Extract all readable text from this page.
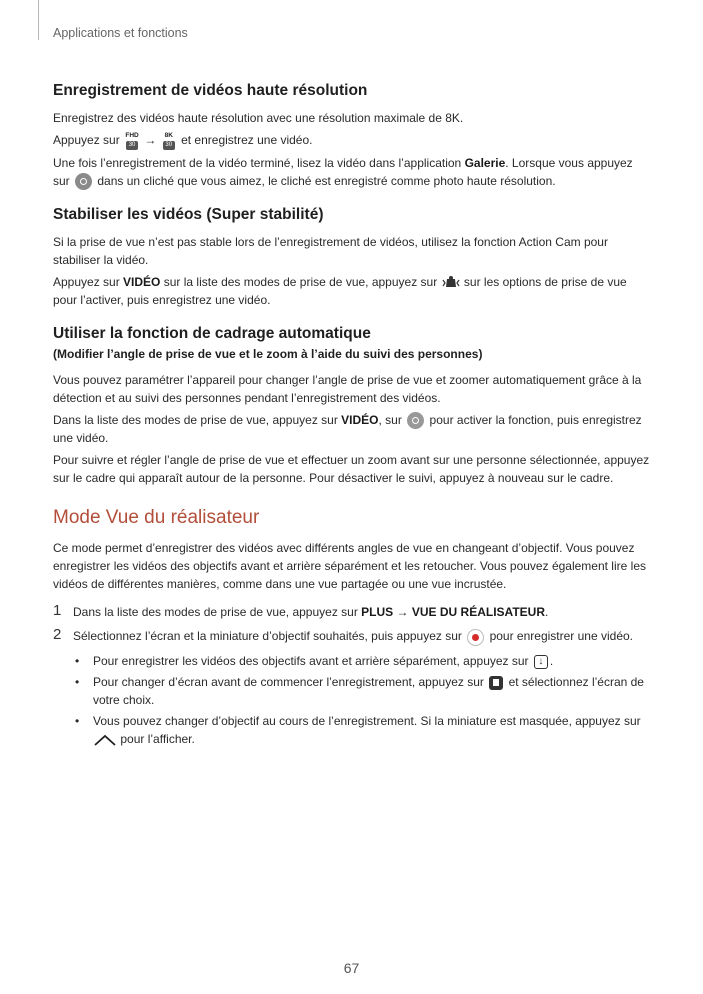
Applications et fonctions
Enregistrement de vidéos haute résolution

Enregistrez des vidéos haute résolution avec une résolution maximale de 8K.

Appuyez sur FHD
30 →	8K
30 et enregistrez une vidéo.

Une fois l’enregistrement de la vidéo terminé, lisez la vidéo dans l’application Galerie. Lorsque vous appuyez sur dans un cliché que vous aimez, le cliché est enregistré comme photo haute résolution.

Stabiliser les vidéos (Super stabilité)

Si la prise de vue n’est pas stable lors de l’enregistrement de vidéos, utilisez la fonction Action Cam pour stabiliser la vidéo.

Appuyez sur VIDÉO sur la liste des modes de prise de vue, appuyez sur sur les options de prise de vue pour l’activer, puis enregistrez une vidéo.

Utiliser la fonction de cadrage automatique
(Modifier l’angle de prise de vue et le zoom à l’aide du suivi des personnes)

Vous pouvez paramétrer l’appareil pour changer l’angle de prise de vue et zoomer automatiquement grâce à la détection et au suivi des personnes pendant l’enregistrement des vidéos.

Dans la liste des modes de prise de vue, appuyez sur VIDÉO, sur pour activer la fonction, puis enregistrez une vidéo.

Pour suivre et régler l’angle de prise de vue et effectuer un zoom avant sur une personne sélectionnée, appuyez sur le cadre qui apparaît autour de la personne. Pour désactiver le suivi, appuyez à nouveau sur le cadre.

Mode Vue du réalisateur

Ce mode permet d’enregistrer des vidéos avec différents angles de vue en changeant d’objectif. Vous pouvez enregistrer les vidéos des objectifs avant et arrière séparément et les retoucher. Vous pouvez également lire les vidéos de différentes manières, comme dans une vue partagée ou une vue incrustée.

1 Dans la liste des modes de prise de vue, appuyez sur PLUS → VUE DU RÉALISATEUR.
2 Sélectionnez l’écran et la miniature d’objectif souhaités, puis appuyez sur pour enregistrer une vidéo.
• Pour enregistrer les vidéos des objectifs avant et arrière séparément, appuyez sur ↓ .
• Pour changer d’écran avant de commencer l’enregistrement, appuyez sur et sélectionnez l’écran de votre choix.
• Vous pouvez changer d’objectif au cours de l’enregistrement. Si la miniature est masquée, appuyez sur  pour l’afficher.
67
